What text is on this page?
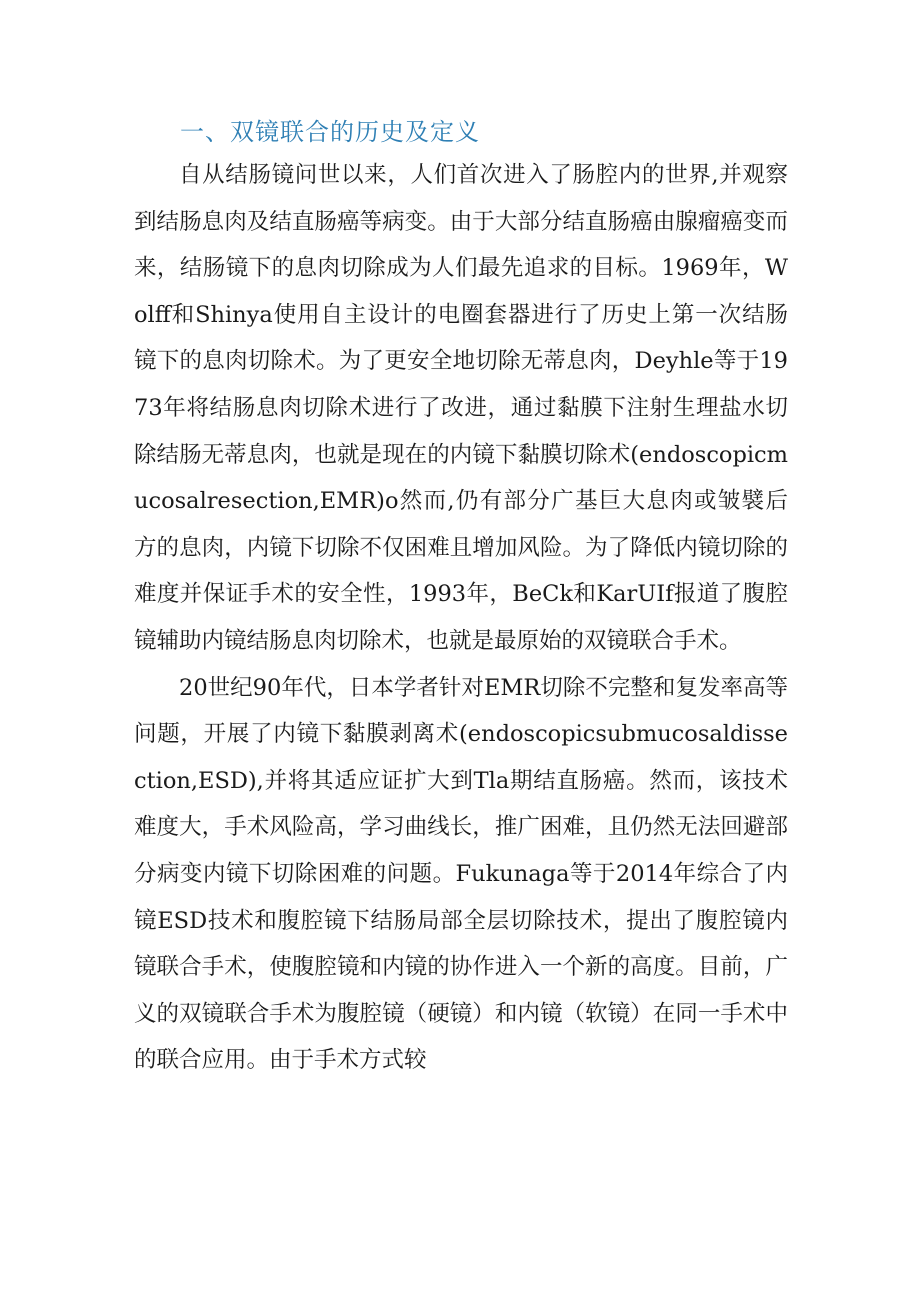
一、双镜联合的历史及定义

自从结肠镜问世以来，人们首次进入了肠腔内的世界,并观察到结肠息肉及结直肠癌等病变。由于大部分结直肠癌由腺瘤癌变而来，结肠镜下的息肉切除成为人们最先追求的目标。1969年，Wolff和Shinya使用自主设计的电圈套器进行了历史上第一次结肠镜下的息肉切除术。为了更安全地切除无蒂息肉，Deyhle等于1973年将结肠息肉切除术进行了改进，通过黏膜下注射生理盐水切除结肠无蒂息肉，也就是现在的内镜下黏膜切除术(endoscopicmucosalresection,EMR)o然而,仍有部分广基巨大息肉或皱襞后方的息肉，内镜下切除不仅困难且增加风险。为了降低内镜切除的难度并保证手术的安全性，1993年，BeCk和KarUIf报道了腹腔镜辅助内镜结肠息肉切除术，也就是最原始的双镜联合手术。

20世纪90年代，日本学者针对EMR切除不完整和复发率高等问题，开展了内镜下黏膜剥离术(endoscopicsubmucosaldissection,ESD),并将其适应证扩大到Tla期结直肠癌。然而，该技术难度大，手术风险高，学习曲线长，推广困难，且仍然无法回避部分病变内镜下切除困难的问题。Fukunaga等于2014年综合了内镜ESD技术和腹腔镜下结肠局部全层切除技术，提出了腹腔镜内镜联合手术，使腹腔镜和内镜的协作进入一个新的高度。目前，广义的双镜联合手术为腹腔镜（硬镜）和内镜（软镜）在同一手术中的联合应用。由于手术方式较
